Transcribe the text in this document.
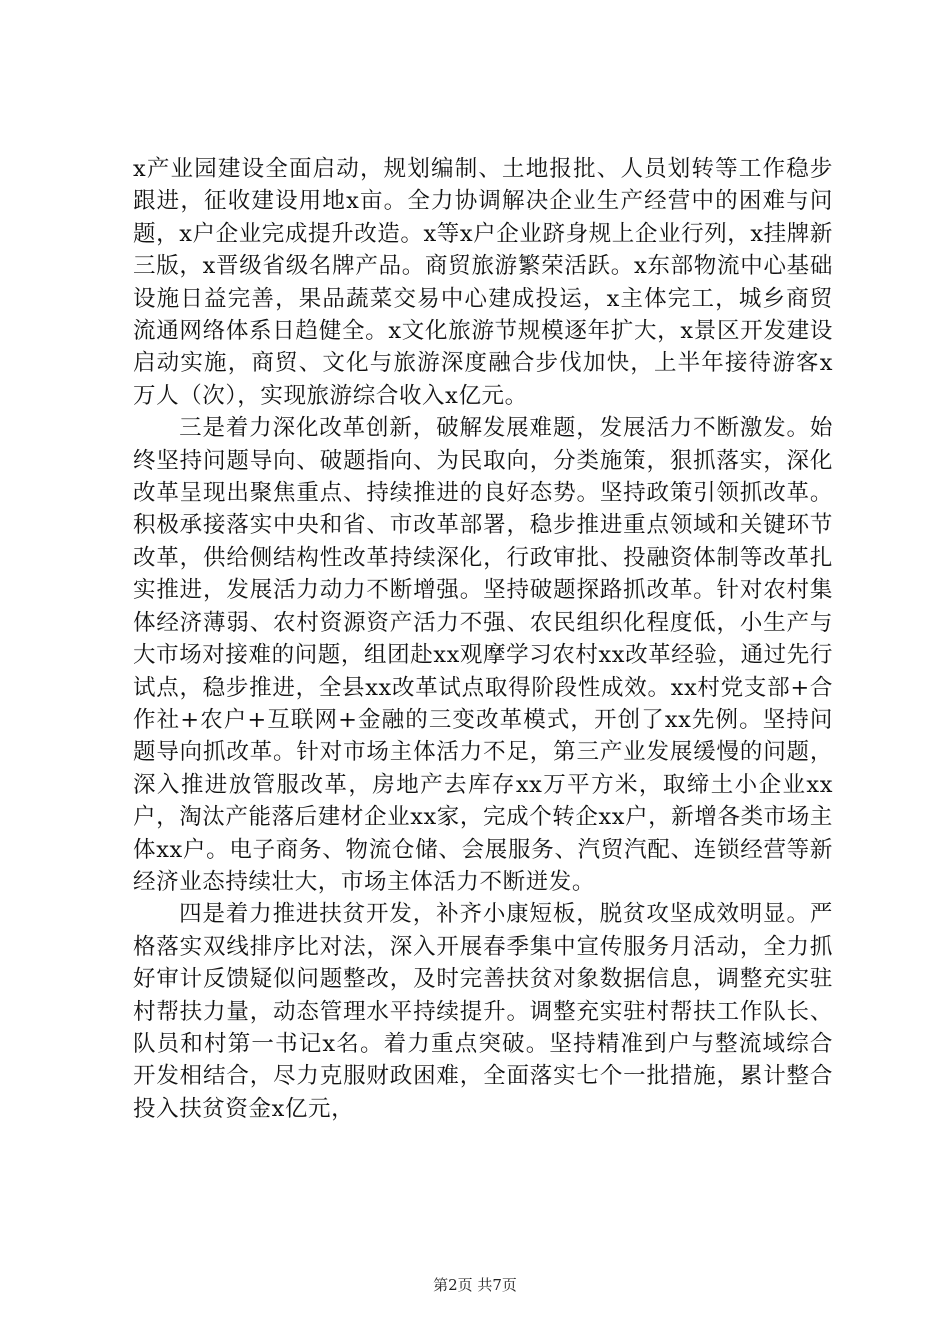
x产业园建设全面启动，规划编制、土地报批、人员划转等工作稳步跟进，征收建设用地x亩。全力协调解决企业生产经营中的困难与问题，x户企业完成提升改造。x等x户企业跻身规上企业行列，x挂牌新三版，x晋级省级名牌产品。商贸旅游繁荣活跃。x东部物流中心基础设施日益完善，果品蔬菜交易中心建成投运，x主体完工，城乡商贸流通网络体系日趋健全。x文化旅游节规模逐年扩大，x景区开发建设启动实施，商贸、文化与旅游深度融合步伐加快，上半年接待游客x万人（次），实现旅游综合收入x亿元。

三是着力深化改革创新，破解发展难题，发展活力不断激发。始终坚持问题导向、破题指向、为民取向，分类施策，狠抓落实，深化改革呈现出聚焦重点、持续推进的良好态势。坚持政策引领抓改革。积极承接落实中央和省、市改革部署，稳步推进重点领域和关键环节改革，供给侧结构性改革持续深化，行政审批、投融资体制等改革扎实推进，发展活力动力不断增强。坚持破题探路抓改革。针对农村集体经济薄弱、农村资源资产活力不强、农民组织化程度低，小生产与大市场对接难的问题，组团赴xx观摩学习农村xx改革经验，通过先行试点，稳步推进，全县xx改革试点取得阶段性成效。xx村党支部+合作社+农户+互联网+金融的三变改革模式，开创了xx先例。坚持问题导向抓改革。针对市场主体活力不足，第三产业发展缓慢的问题，深入推进放管服改革，房地产去库存xx万平方米，取缔土小企业xx户，淘汰产能落后建材企业xx家，完成个转企xx户，新增各类市场主体xx户。电子商务、物流仓储、会展服务、汽贸汽配、连锁经营等新经济业态持续壮大，市场主体活力不断迸发。

四是着力推进扶贫开发，补齐小康短板，脱贫攻坚成效明显。严格落实双线排序比对法，深入开展春季集中宣传服务月活动，全力抓好审计反馈疑似问题整改，及时完善扶贫对象数据信息，调整充实驻村帮扶力量，动态管理水平持续提升。调整充实驻村帮扶工作队长、队员和村第一书记x名。着力重点突破。坚持精准到户与整流域综合开发相结合，尽力克服财政困难，全面落实七个一批措施，累计整合投入扶贫资金x亿元，

第2页 共7页
